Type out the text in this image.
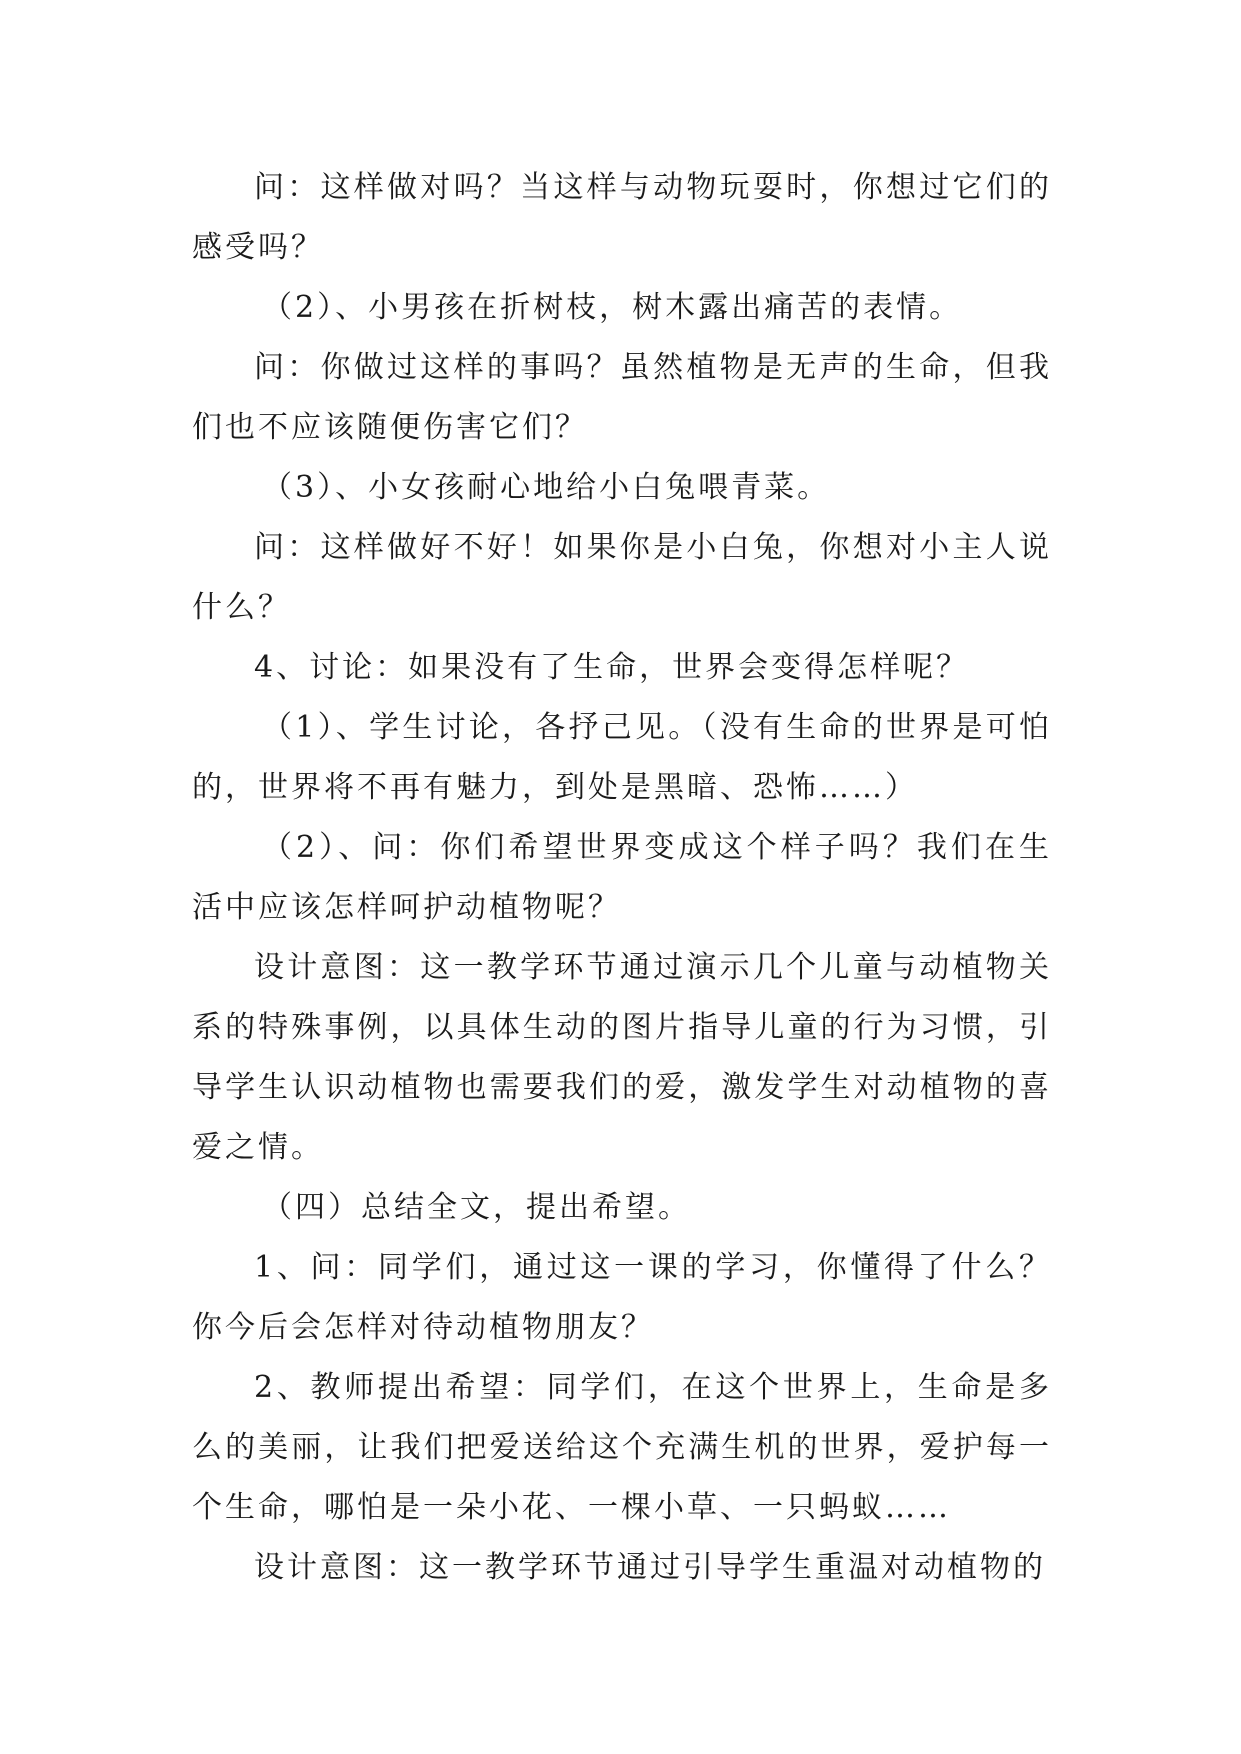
问：这样做对吗？当这样与动物玩耍时，你想过它们的感受吗？

（2）、小男孩在折树枝，树木露出痛苦的表情。

问：你做过这样的事吗？虽然植物是无声的生命，但我们也不应该随便伤害它们？

（3）、小女孩耐心地给小白兔喂青菜。

问：这样做好不好！如果你是小白兔，你想对小主人说什么？

4、讨论：如果没有了生命，世界会变得怎样呢？

（1）、学生讨论，各抒己见。（没有生命的世界是可怕的，世界将不再有魅力，到处是黑暗、恐怖……）

（2）、问：你们希望世界变成这个样子吗？我们在生活中应该怎样呵护动植物呢？

设计意图：这一教学环节通过演示几个儿童与动植物关系的特殊事例，以具体生动的图片指导儿童的行为习惯，引导学生认识动植物也需要我们的爱，激发学生对动植物的喜爱之情。

（四）总结全文，提出希望。

1、问：同学们，通过这一课的学习，你懂得了什么？你今后会怎样对待动植物朋友？

2、教师提出希望：同学们，在这个世界上，生命是多么的美丽，让我们把爱送给这个充满生机的世界，爱护每一个生命，哪怕是一朵小花、一棵小草、一只蚂蚁……

设计意图：这一教学环节通过引导学生重温对动植物的
